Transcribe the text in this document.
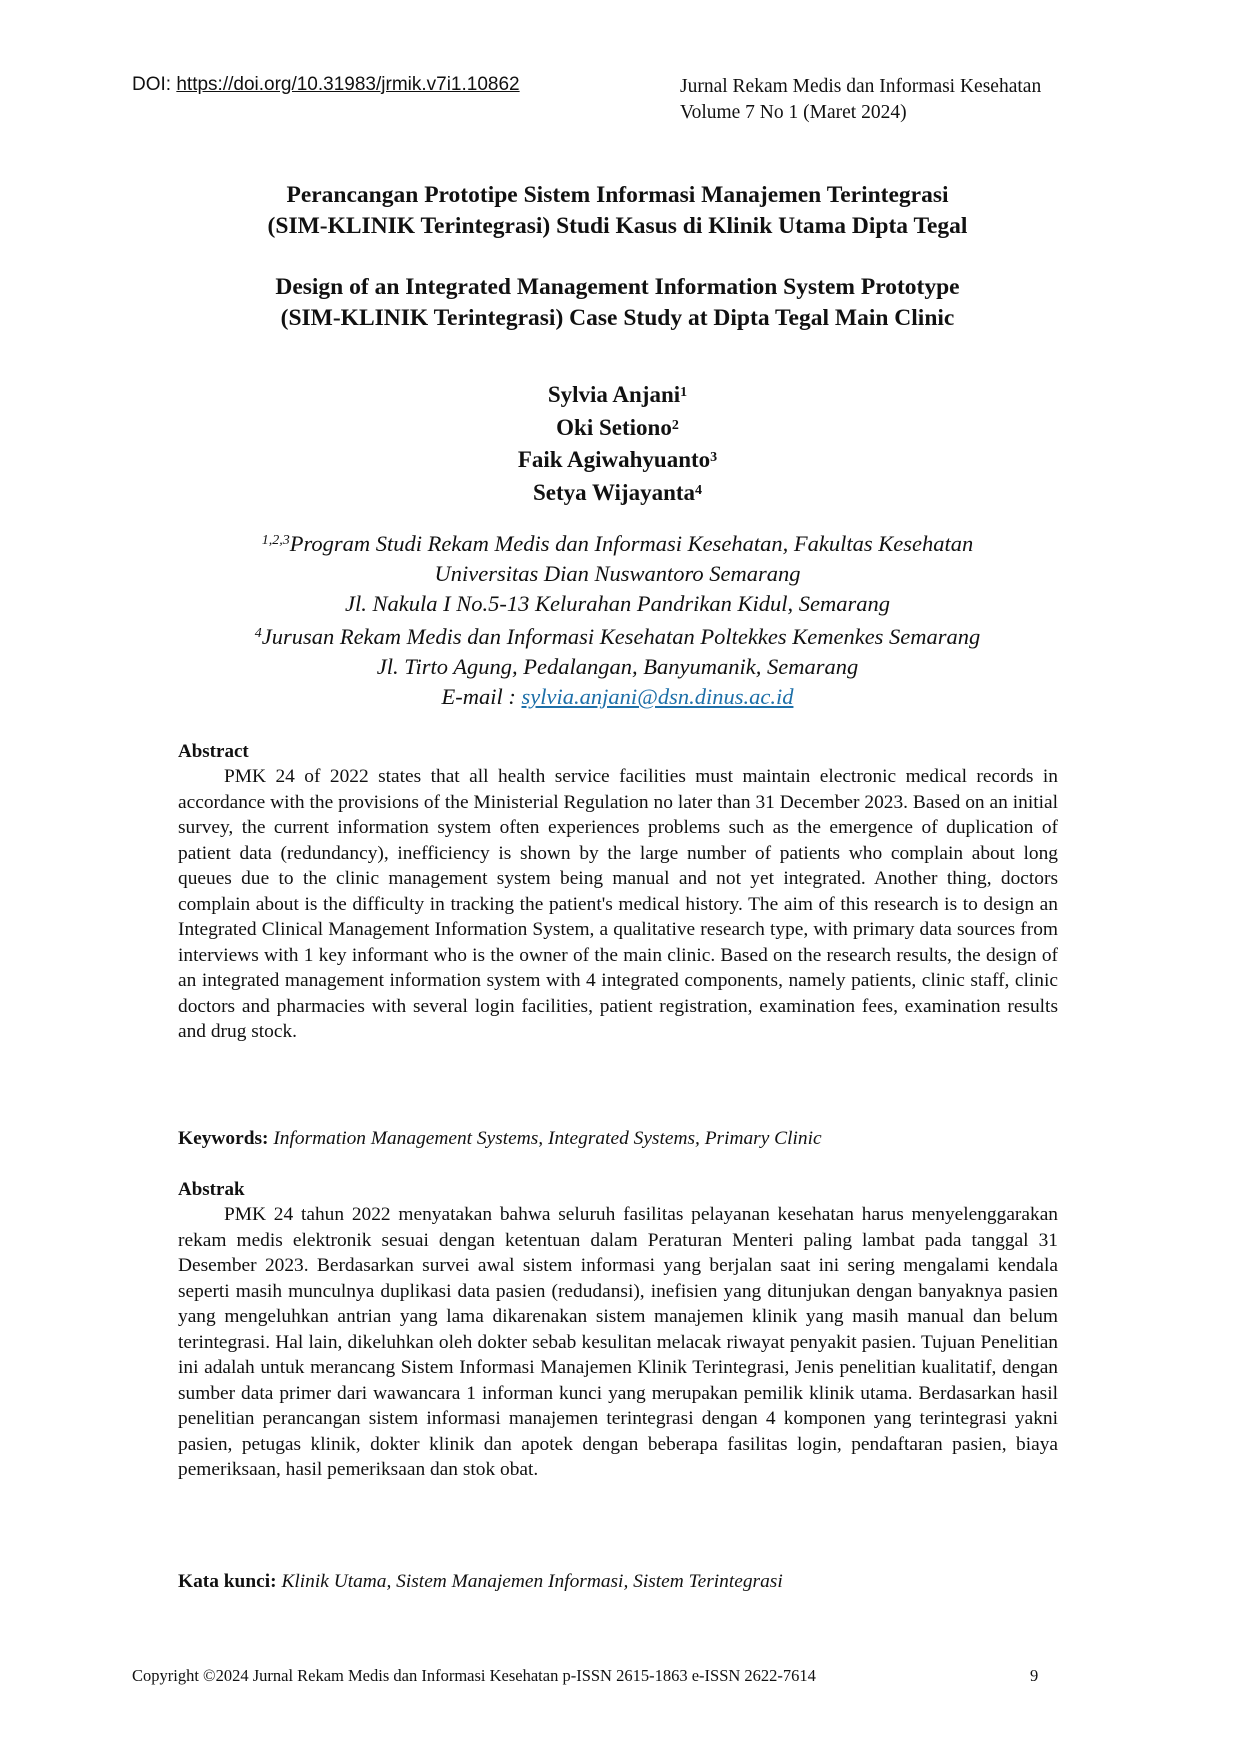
DOI: https://doi.org/10.31983/jrmik.v7i1.10862	Jurnal Rekam Medis dan Informasi Kesehatan
Volume 7 No 1 (Maret 2024)
Perancangan Prototipe Sistem Informasi Manajemen Terintegrasi
(SIM-KLINIK Terintegrasi) Studi Kasus di Klinik Utama Dipta Tegal
Design of an Integrated Management Information System Prototype
(SIM-KLINIK Terintegrasi) Case Study at Dipta Tegal Main Clinic
Sylvia Anjani$^1$
Oki Setiono$^2$
Faik Agiwahyuanto$^3$
Setya Wijayanta$^4$
$^{1,2,3}$Program Studi Rekam Medis dan Informasi Kesehatan, Fakultas Kesehatan
Universitas Dian Nuswantoro Semarang
Jl. Nakula I No.5-13 Kelurahan Pandrikan Kidul, Semarang
$^4$Jurusan Rekam Medis dan Informasi Kesehatan Poltekkes Kemenkes Semarang
Jl. Tirto Agung, Pedalangan, Banyumanik, Semarang
E-mail : sylvia.anjani@dsn.dinus.ac.id
Abstract

PMK 24 of 2022 states that all health service facilities must maintain electronic medical records in accordance with the provisions of the Ministerial Regulation no later than 31 December 2023. Based on an initial survey, the current information system often experiences problems such as the emergence of duplication of patient data (redundancy), inefficiency is shown by the large number of patients who complain about long queues due to the clinic management system being manual and not yet integrated. Another thing, doctors complain about is the difficulty in tracking the patient's medical history. The aim of this research is to design an Integrated Clinical Management Information System, a qualitative research type, with primary data sources from interviews with 1 key informant who is the owner of the main clinic. Based on the research results, the design of an integrated management information system with 4 integrated components, namely patients, clinic staff, clinic doctors and pharmacies with several login facilities, patient registration, examination fees, examination results and drug stock.

Keywords: Information Management Systems, Integrated Systems, Primary Clinic
Abstrak

PMK 24 tahun 2022 menyatakan bahwa seluruh fasilitas pelayanan kesehatan harus menyelenggarakan rekam medis elektronik sesuai dengan ketentuan dalam Peraturan Menteri paling lambat pada tanggal 31 Desember 2023. Berdasarkan survei awal sistem informasi yang berjalan saat ini sering mengalami kendala seperti masih munculnya duplikasi data pasien (redudansi), inefisien yang ditunjukan dengan banyaknya pasien yang mengeluhkan antrian yang lama dikarenakan sistem manajemen klinik yang masih manual dan belum terintegrasi. Hal lain, dikeluhkan oleh dokter sebab kesulitan melacak riwayat penyakit pasien. Tujuan Penelitian ini adalah untuk merancang Sistem Informasi Manajemen Klinik Terintegrasi, Jenis penelitian kualitatif, dengan sumber data primer dari wawancara 1 informan kunci yang merupakan pemilik klinik utama. Berdasarkan hasil penelitian perancangan sistem informasi manajemen terintegrasi dengan 4 komponen yang terintegrasi yakni pasien, petugas klinik, dokter klinik dan apotek dengan beberapa fasilitas login, pendaftaran pasien, biaya pemeriksaan, hasil pemeriksaan dan stok obat.

Kata kunci: Klinik Utama, Sistem Manajemen Informasi, Sistem Terintegrasi
Copyright ©2024 Jurnal Rekam Medis dan Informasi Kesehatan p-ISSN 2615-1863 e-ISSN 2622-7614	9
